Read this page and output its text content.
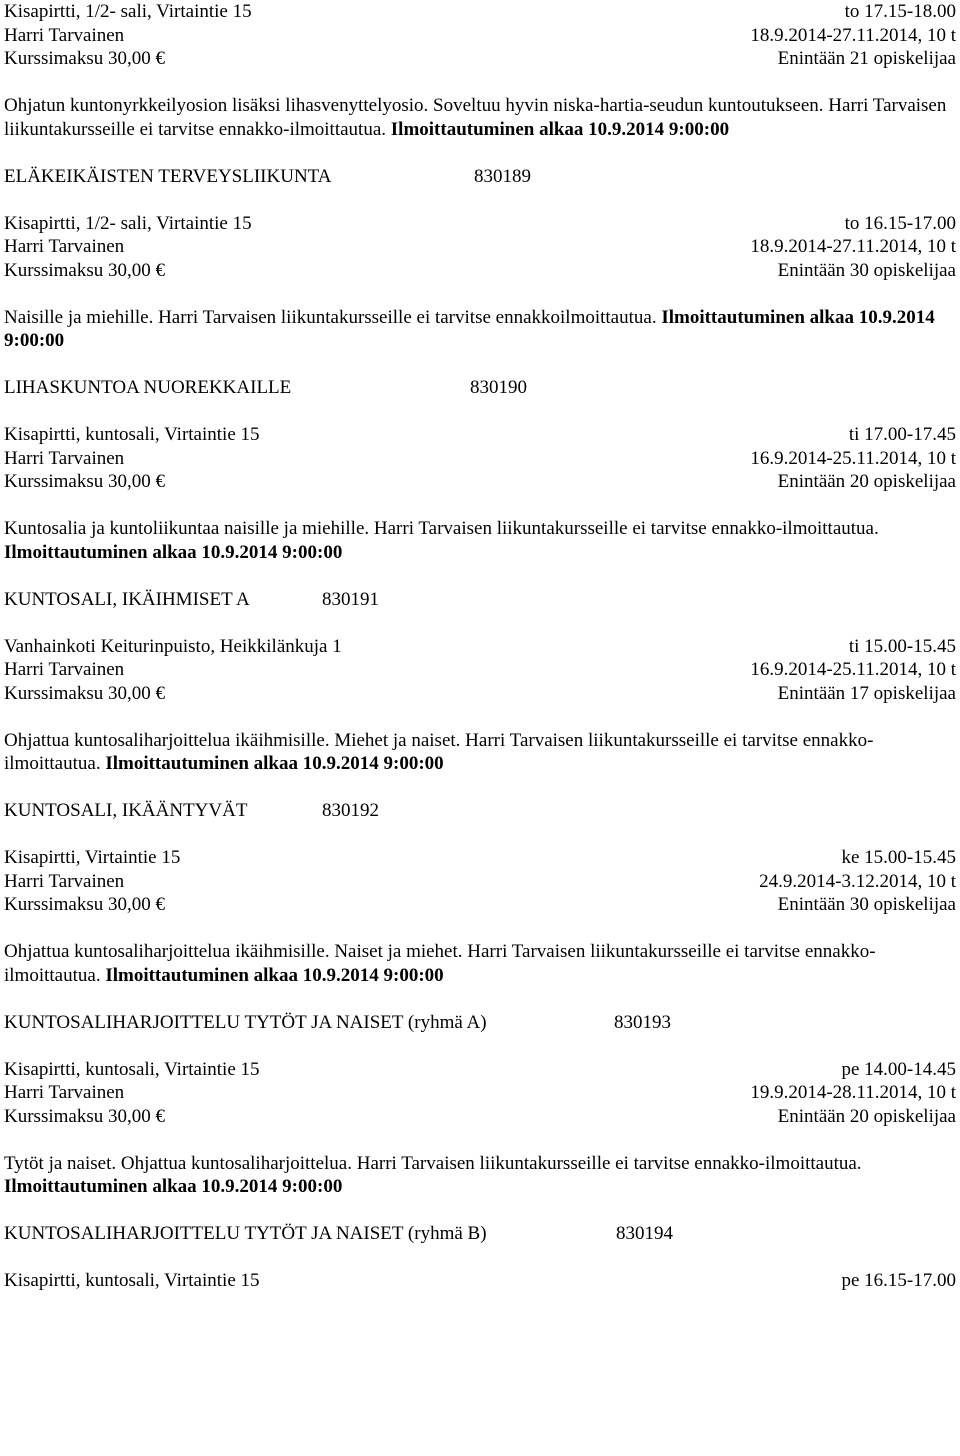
Kisapirtti, 1/2- sali, Virtaintie 15	to 17.15-18.00
Harri Tarvainen	18.9.2014-27.11.2014, 10 t
Kurssimaksu 30,00 €	Enintään 21 opiskelijaa
Ohjatun kuntonyrkkeilyosion lisäksi lihasvenyttelyosio. Soveltuu hyvin niska-hartia-seudun kuntoutukseen. Harri Tarvaisen liikuntakursseille ei tarvitse ennakko-ilmoittautua. Ilmoittautuminen alkaa 10.9.2014 9:00:00
ELÄKEIKÄISTEN TERVEYSLIIKUNTA	830189
Kisapirtti, 1/2- sali, Virtaintie 15	to 16.15-17.00
Harri Tarvainen	18.9.2014-27.11.2014, 10 t
Kurssimaksu 30,00 €	Enintään 30 opiskelijaa
Naisille ja miehille. Harri Tarvaisen liikuntakursseille ei tarvitse ennakkoilmoittautua. Ilmoittautuminen alkaa 10.9.2014 9:00:00
LIHASKUNTOA NUOREKKAILLE	830190
Kisapirtti, kuntosali, Virtaintie 15	ti 17.00-17.45
Harri Tarvainen	16.9.2014-25.11.2014, 10 t
Kurssimaksu 30,00 €	Enintään 20 opiskelijaa
Kuntosalia ja kuntoliikuntaa naisille ja miehille. Harri Tarvaisen liikuntakursseille ei tarvitse ennakko-ilmoittautua. Ilmoittautuminen alkaa 10.9.2014 9:00:00
KUNTOSALI, IKÄIHMISET A	830191
Vanhainkoti Keiturinpuisto, Heikkilänkuja 1	ti 15.00-15.45
Harri Tarvainen	16.9.2014-25.11.2014, 10 t
Kurssimaksu 30,00 €	Enintään 17 opiskelijaa
Ohjattua kuntosaliharjoittelua ikäihmisille. Miehet ja naiset. Harri Tarvaisen liikuntakursseille ei tarvitse ennakko-ilmoittautua. Ilmoittautuminen alkaa 10.9.2014 9:00:00
KUNTOSALI, IKÄÄNTYVÄT	830192
Kisapirtti, Virtaintie 15	ke 15.00-15.45
Harri Tarvainen	24.9.2014-3.12.2014, 10 t
Kurssimaksu 30,00 €	Enintään 30 opiskelijaa
Ohjattua kuntosaliharjoittelua ikäihmisille. Naiset ja miehet. Harri Tarvaisen liikuntakursseille ei tarvitse ennakko-ilmoittautua. Ilmoittautuminen alkaa 10.9.2014 9:00:00
KUNTOSALIHARJOITTELU TYTÖT JA NAISET (ryhmä A)	830193
Kisapirtti, kuntosali, Virtaintie 15	pe 14.00-14.45
Harri Tarvainen	19.9.2014-28.11.2014, 10 t
Kurssimaksu 30,00 €	Enintään 20 opiskelijaa
Tytöt ja naiset. Ohjattua kuntosaliharjoittelua. Harri Tarvaisen liikuntakursseille ei tarvitse ennakko-ilmoittautua. Ilmoittautuminen alkaa 10.9.2014 9:00:00
KUNTOSALIHARJOITTELU TYTÖT JA NAISET (ryhmä B)	830194
Kisapirtti, kuntosali, Virtaintie 15	pe 16.15-17.00
